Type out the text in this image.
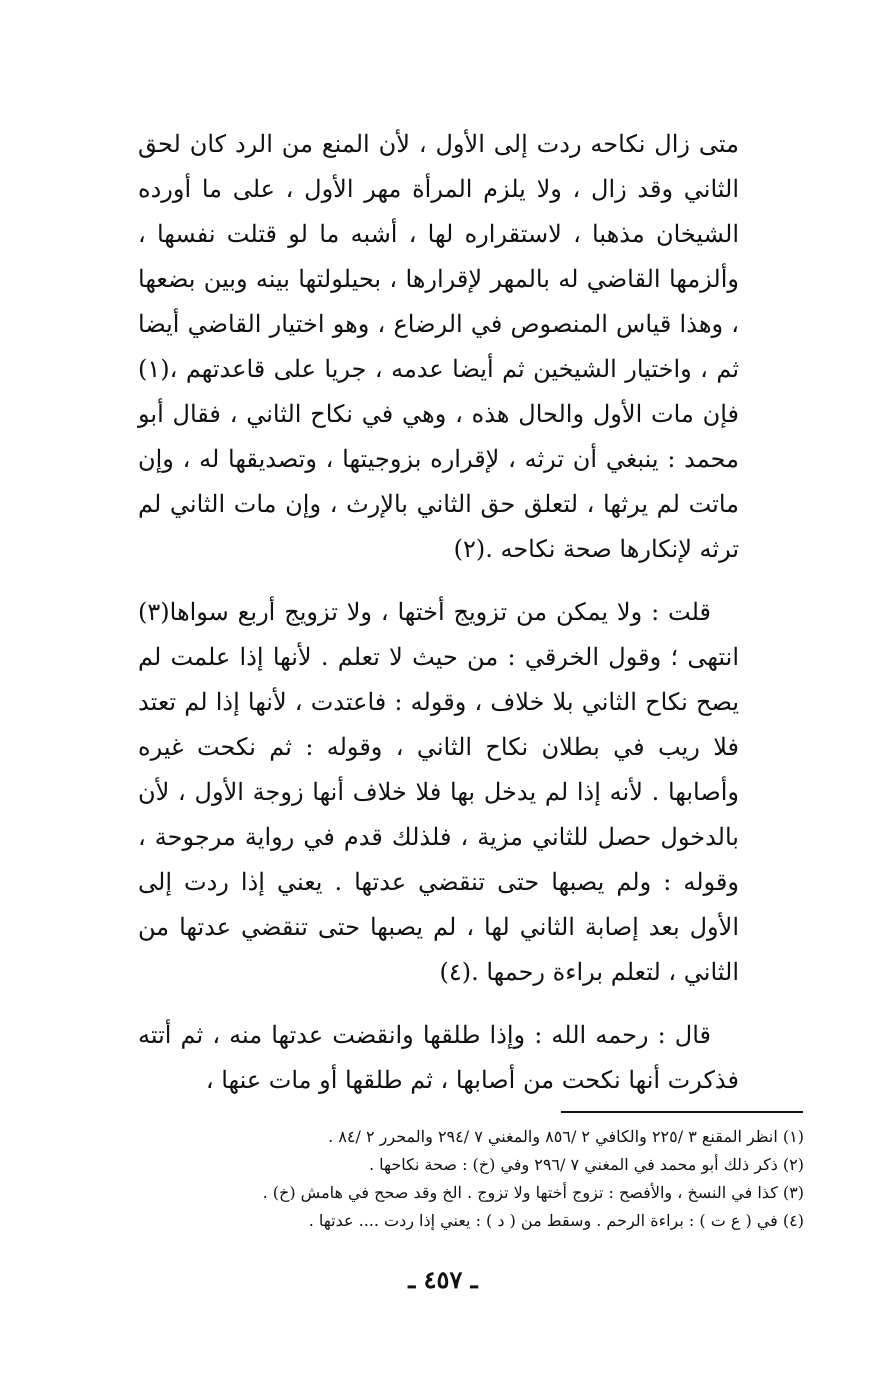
متى زال نكاحه ردت إلى الأول ، لأن المنع من الرد كان لحق الثاني وقد زال ، ولا يلزم المرأة مهر الأول ، على ما أورده الشيخان مذهبا ، لاستقراره لها ، أشبه ما لو قتلت نفسها ، وألزمها القاضي له بالمهر لإقرارها ، بحيلولتها بينه وبين بضعها ، وهذا قياس المنصوص في الرضاع ، وهو اختيار القاضي أيضا ثم ، واختيار الشيخين ثم أيضا عدمه ، جريا على قاعدتهم ،(١) فإن مات الأول والحال هذه ، وهي في نكاح الثاني ، فقال أبو محمد : ينبغي أن ترثه ، لإقراره بزوجيتها ، وتصديقها له ، وإن ماتت لم يرثها ، لتعلق حق الثاني بالإرث ، وإن مات الثاني لم ترثه لإنكارها صحة نكاحه .(٢)

قلت : ولا يمكن من تزويج أختها ، ولا تزويج أربع سواها(٣) انتهى ؛ وقول الخرقي : من حيث لا تعلم . لأنها إذا علمت لم يصح نكاح الثاني بلا خلاف ، وقوله : فاعتدت ، لأنها إذا لم تعتد فلا ريب في بطلان نكاح الثاني ، وقوله : ثم نكحت غيره وأصابها . لأنه إذا لم يدخل بها فلا خلاف أنها زوجة الأول ، لأن بالدخول حصل للثاني مزية ، فلذلك قدم في رواية مرجوحة ، وقوله : ولم يصبها حتى تنقضي عدتها . يعني إذا ردت إلى الأول بعد إصابة الثاني لها ، لم يصبها حتى تنقضي عدتها من الثاني ، لتعلم براءة رحمها .(٤)

قال : رحمه الله : وإذا طلقها وانقضت عدتها منه ، ثم أتته فذكرت أنها نكحت من أصابها ، ثم طلقها أو مات عنها ،

(١) انظر المقنع ٣ /٢٢٥ والكافي ٢ /٨٥٦ والمغني ٧ /٢٩٤ والمحرر ٢ /٨٤ .

(٢) ذكر ذلك أبو محمد في المغني ٧ /٢٩٦ وفي (خ) : صحة نكاحها .

(٣) كذا في النسخ ، والأفصح : تزوج أختها ولا تزوج . الخ وقد صحح في هامش (خ) .

(٤) في ( ع ت ) : براءة الرحم . وسقط من ( د ) : يعني إذا ردت .... عدتها .

ـ ٤٥٧ ـ
